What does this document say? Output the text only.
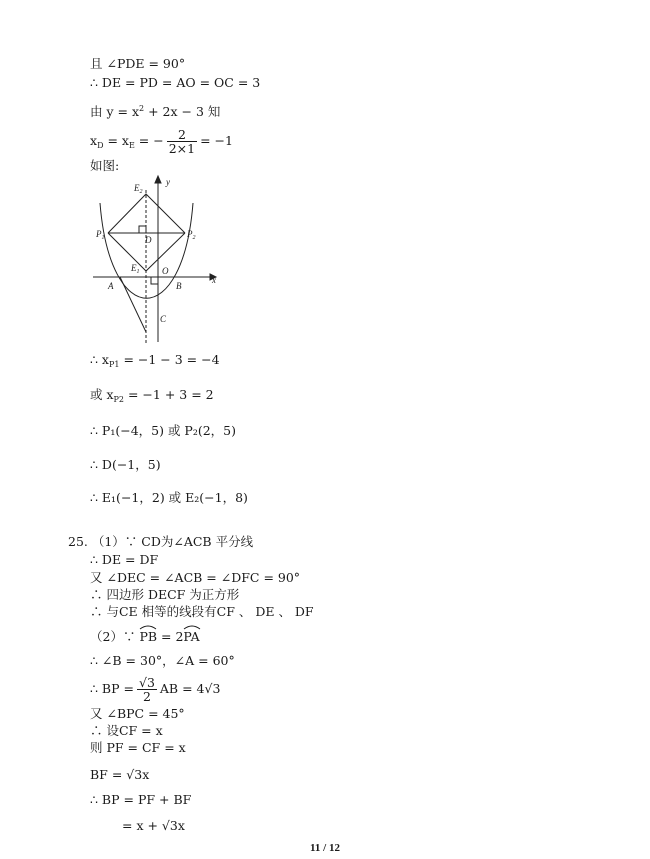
且 ∠PDE = 90°
∴ DE = PD = AO = OC = 3
由 $y = x^2 + 2x - 3$ 知
$x_D = x_E$ = − $\frac{2}{2\times 1} = -1$
如图:
$E_2$
y
$P_1$	$P_2$
D
$E_1$	O
x
A	B
C
∴ $x_{P1} = -1 - 3 = -4$
或 $x_{P2} = -1 + 3 = 2$
∴ P₁(−4，5) 或 P₂(2，5)
∴ D(−1，5)
∴ E₁(−1，2) 或 E₂(−1，8)
25. （1）∵ CD为∠ACB 平分线
∴ DE = DF
又 ∠DEC = ∠ACB = ∠DFC = 90°
∴ 四边形 DECF 为正方形
∴ 与CE 相等的线段有CF 、 DE 、 DF
（2）∵ PB
= 2PA
∴ ∠B = 30°，∠A = 60°
∴ BP = $\frac{√3}{2}$ AB = 4√3
又 ∠BPC = 45°
∴ 设CF = x
则 PF = CF = x
BF = √3x
∴ BP = PF + BF
= x + √3x
11 / 12
